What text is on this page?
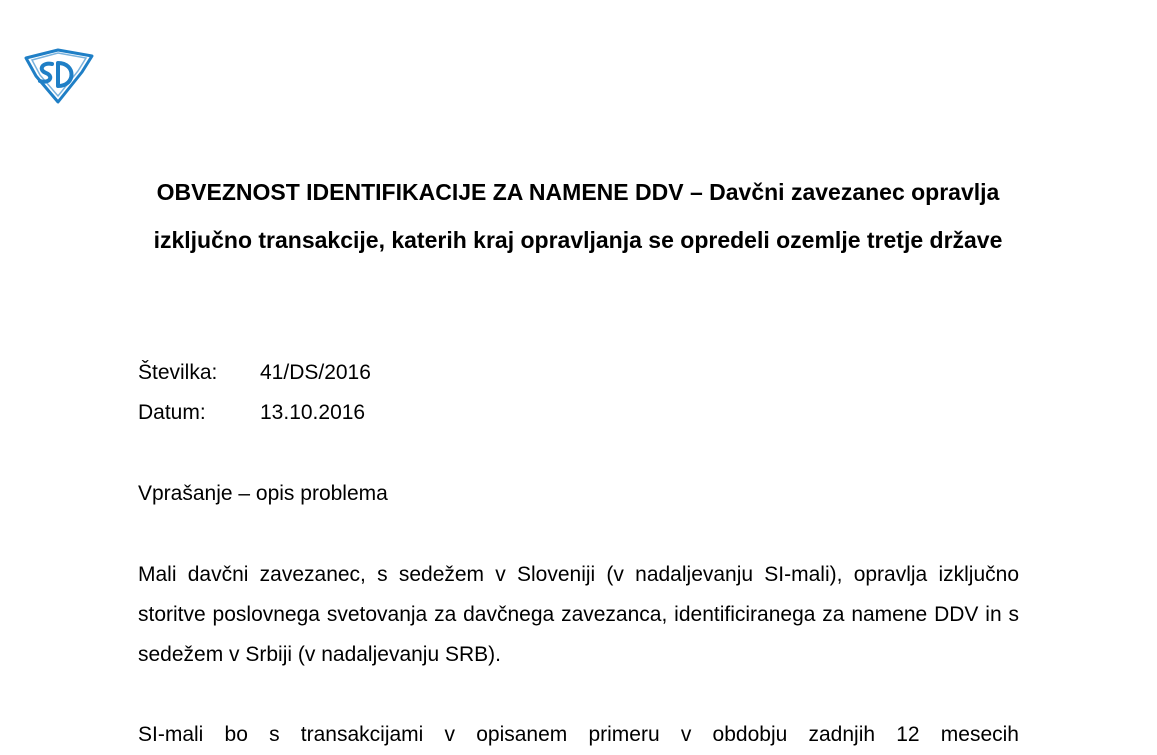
OBVEZNOST IDENTIFIKACIJE ZA NAMENE DDV – Davčni zavezanec opravlja izključno transakcije, katerih kraj opravljanja se opredeli ozemlje tretje države
Številka: 41/DS/2016
Datum:	13.10.2016
Vprašanje – opis problema
Mali davčni zavezanec, s sedežem v Sloveniji (v nadaljevanju SI-mali), opravlja izključno storitve poslovnega svetovanja za davčnega zavezanca, identificiranega za namene DDV in s sedežem v Srbiji (v nadaljevanju SRB).
SI-mali bo s transakcijami v opisanem primeru v obdobju zadnjih 12 mesecih
